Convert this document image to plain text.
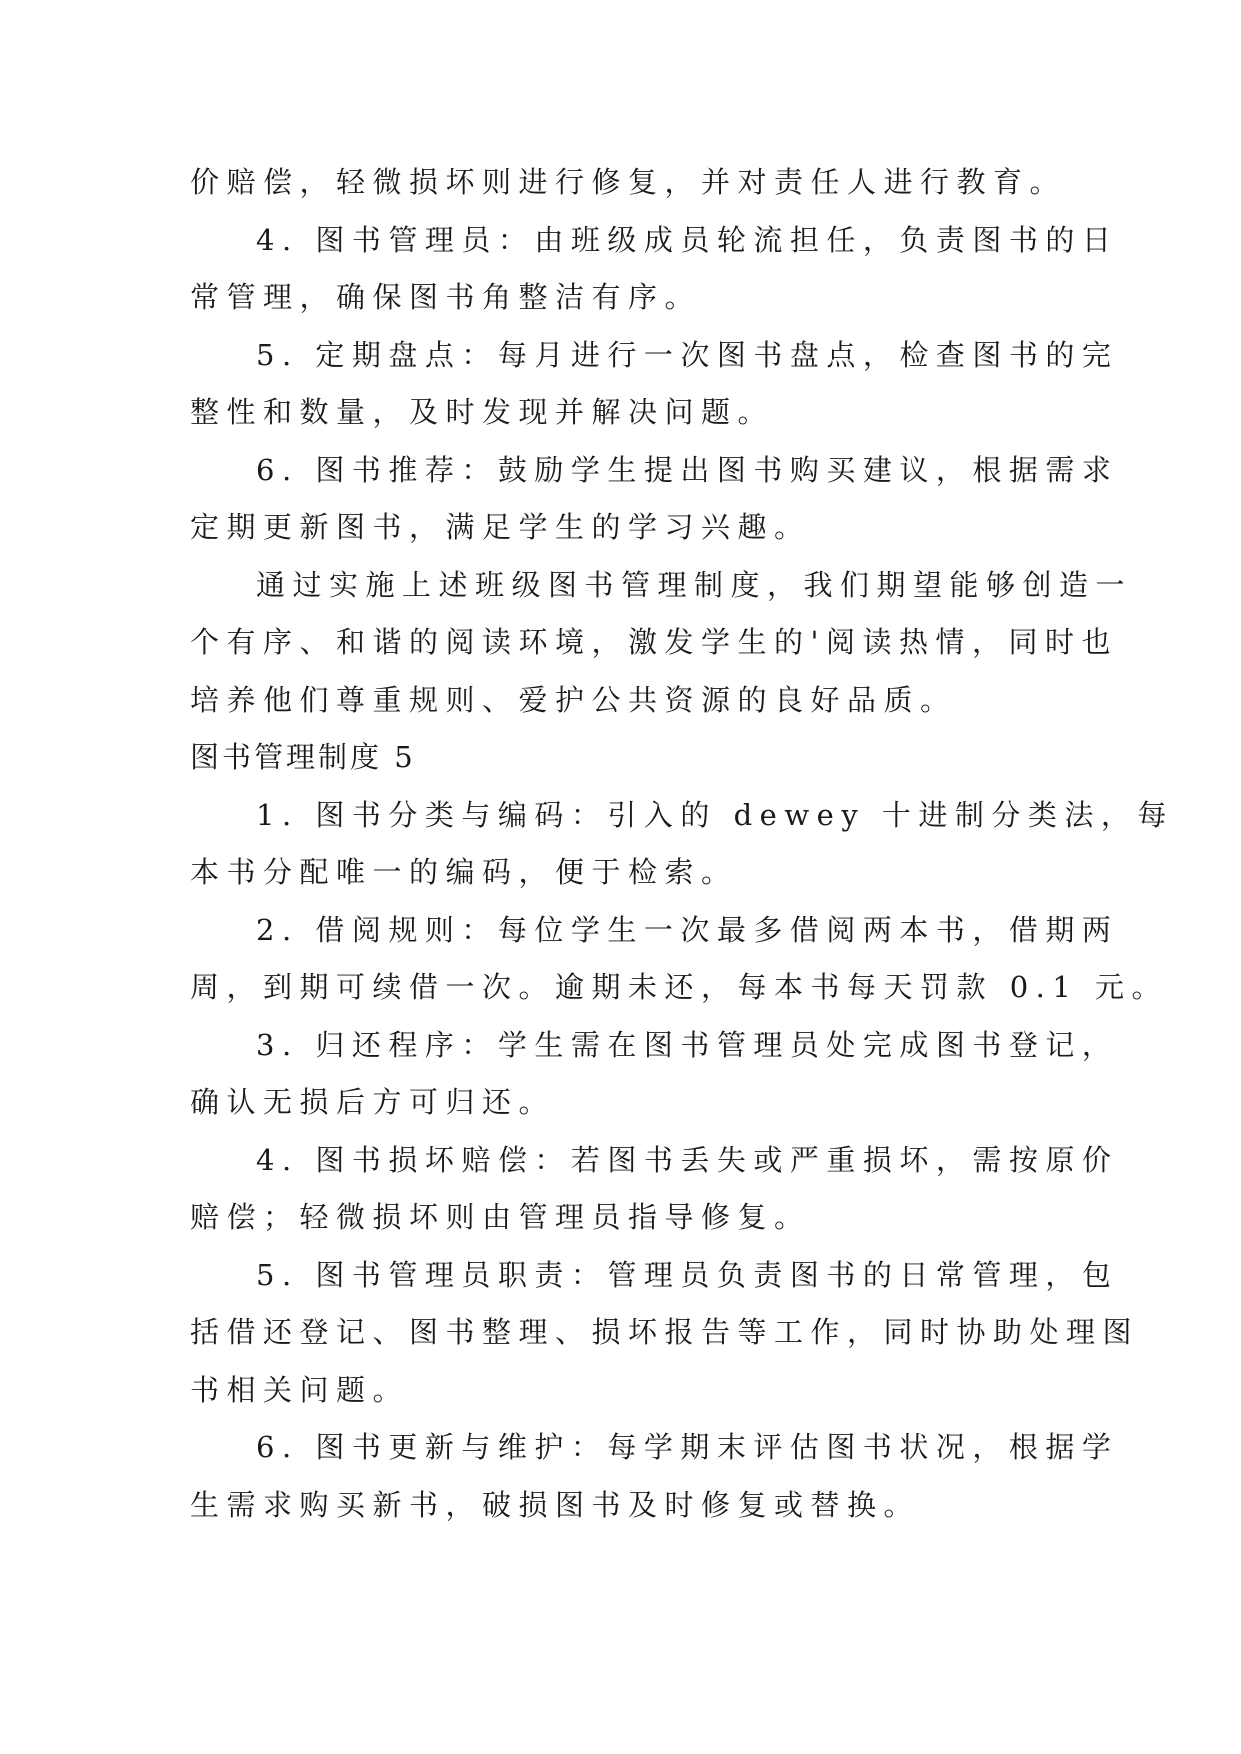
价赔偿，轻微损坏则进行修复，并对责任人进行教育。
4. 图书管理员：由班级成员轮流担任，负责图书的日
常管理，确保图书角整洁有序。
5. 定期盘点：每月进行一次图书盘点，检查图书的完
整性和数量，及时发现并解决问题。
6. 图书推荐：鼓励学生提出图书购买建议，根据需求
定期更新图书，满足学生的学习兴趣。
通过实施上述班级图书管理制度，我们期望能够创造一
个有序、和谐的阅读环境，激发学生的'阅读热情，同时也
培养他们尊重规则、爱护公共资源的良好品质。
图书管理制度 5
1. 图书分类与编码：引入的 dewey 十进制分类法，每
本书分配唯一的编码，便于检索。
2. 借阅规则：每位学生一次最多借阅两本书，借期两
周，到期可续借一次。逾期未还，每本书每天罚款 0.1 元。
3. 归还程序：学生需在图书管理员处完成图书登记，
确认无损后方可归还。
4. 图书损坏赔偿：若图书丢失或严重损坏，需按原价
赔偿；轻微损坏则由管理员指导修复。
5. 图书管理员职责：管理员负责图书的日常管理，包
括借还登记、图书整理、损坏报告等工作，同时协助处理图
书相关问题。
6. 图书更新与维护：每学期末评估图书状况，根据学
生需求购买新书，破损图书及时修复或替换。
